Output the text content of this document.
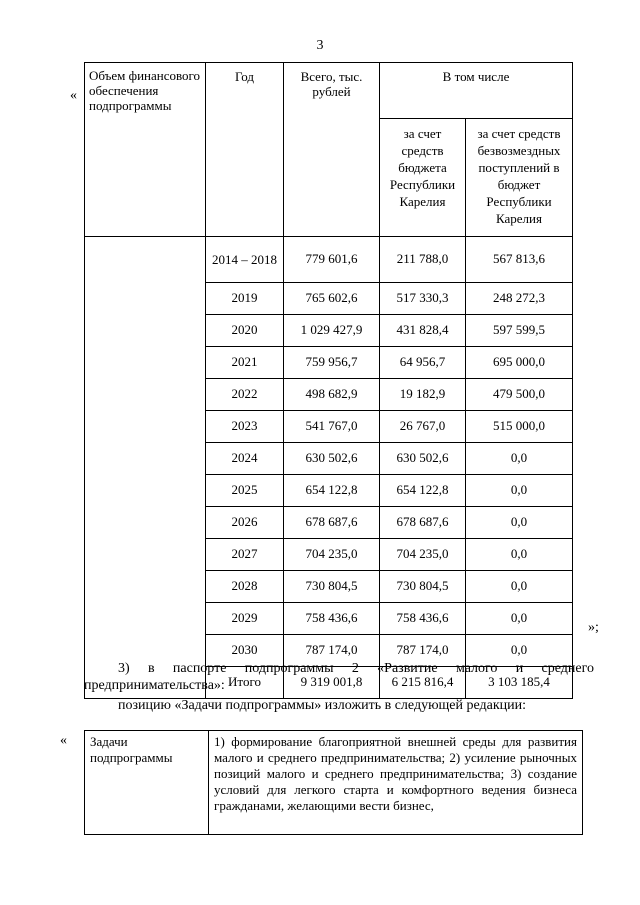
3
«
Объем финансового обеспечения подпрограммы	Год	Всего, тыс. рублей	В том числе	
			за счет средств бюджета Республики Карелия	за счет средств безвозмездных поступлений в бюджет Республики Карелия
	2014 – 2018	779 601,6	211 788,0	567 813,6
	2019	765 602,6	517 330,3	248 272,3
	2020	1 029 427,9	431 828,4	597 599,5
	2021	759 956,7	64 956,7	695 000,0
	2022	498 682,9	19 182,9	479 500,0
	2023	541 767,0	26 767,0	515 000,0
	2024	630 502,6	630 502,6	0,0
	2025	654 122,8	654 122,8	0,0
	2026	678 687,6	678 687,6	0,0
	2027	704 235,0	704 235,0	0,0
	2028	730 804,5	730 804,5	0,0
	2029	758 436,6	758 436,6	0,0
	2030	787 174,0	787 174,0	0,0
	Итого	9 319 001,8	6 215 816,4	3 103 185,4
»;
3) в паспорте подпрограммы 2 «Развитие малого и среднего предпринимательства»:
позицию «Задачи подпрограммы» изложить в следующей редакции:
« Задачи подпрограммы	1) формирование благоприятной внешней среды для развития малого и среднего предпринимательства; 2) усиление рыночных позиций малого и среднего предпринимательства; 3) создание условий для легкого старта и комфортного ведения бизнеса гражданами, желающими вести бизнес,
